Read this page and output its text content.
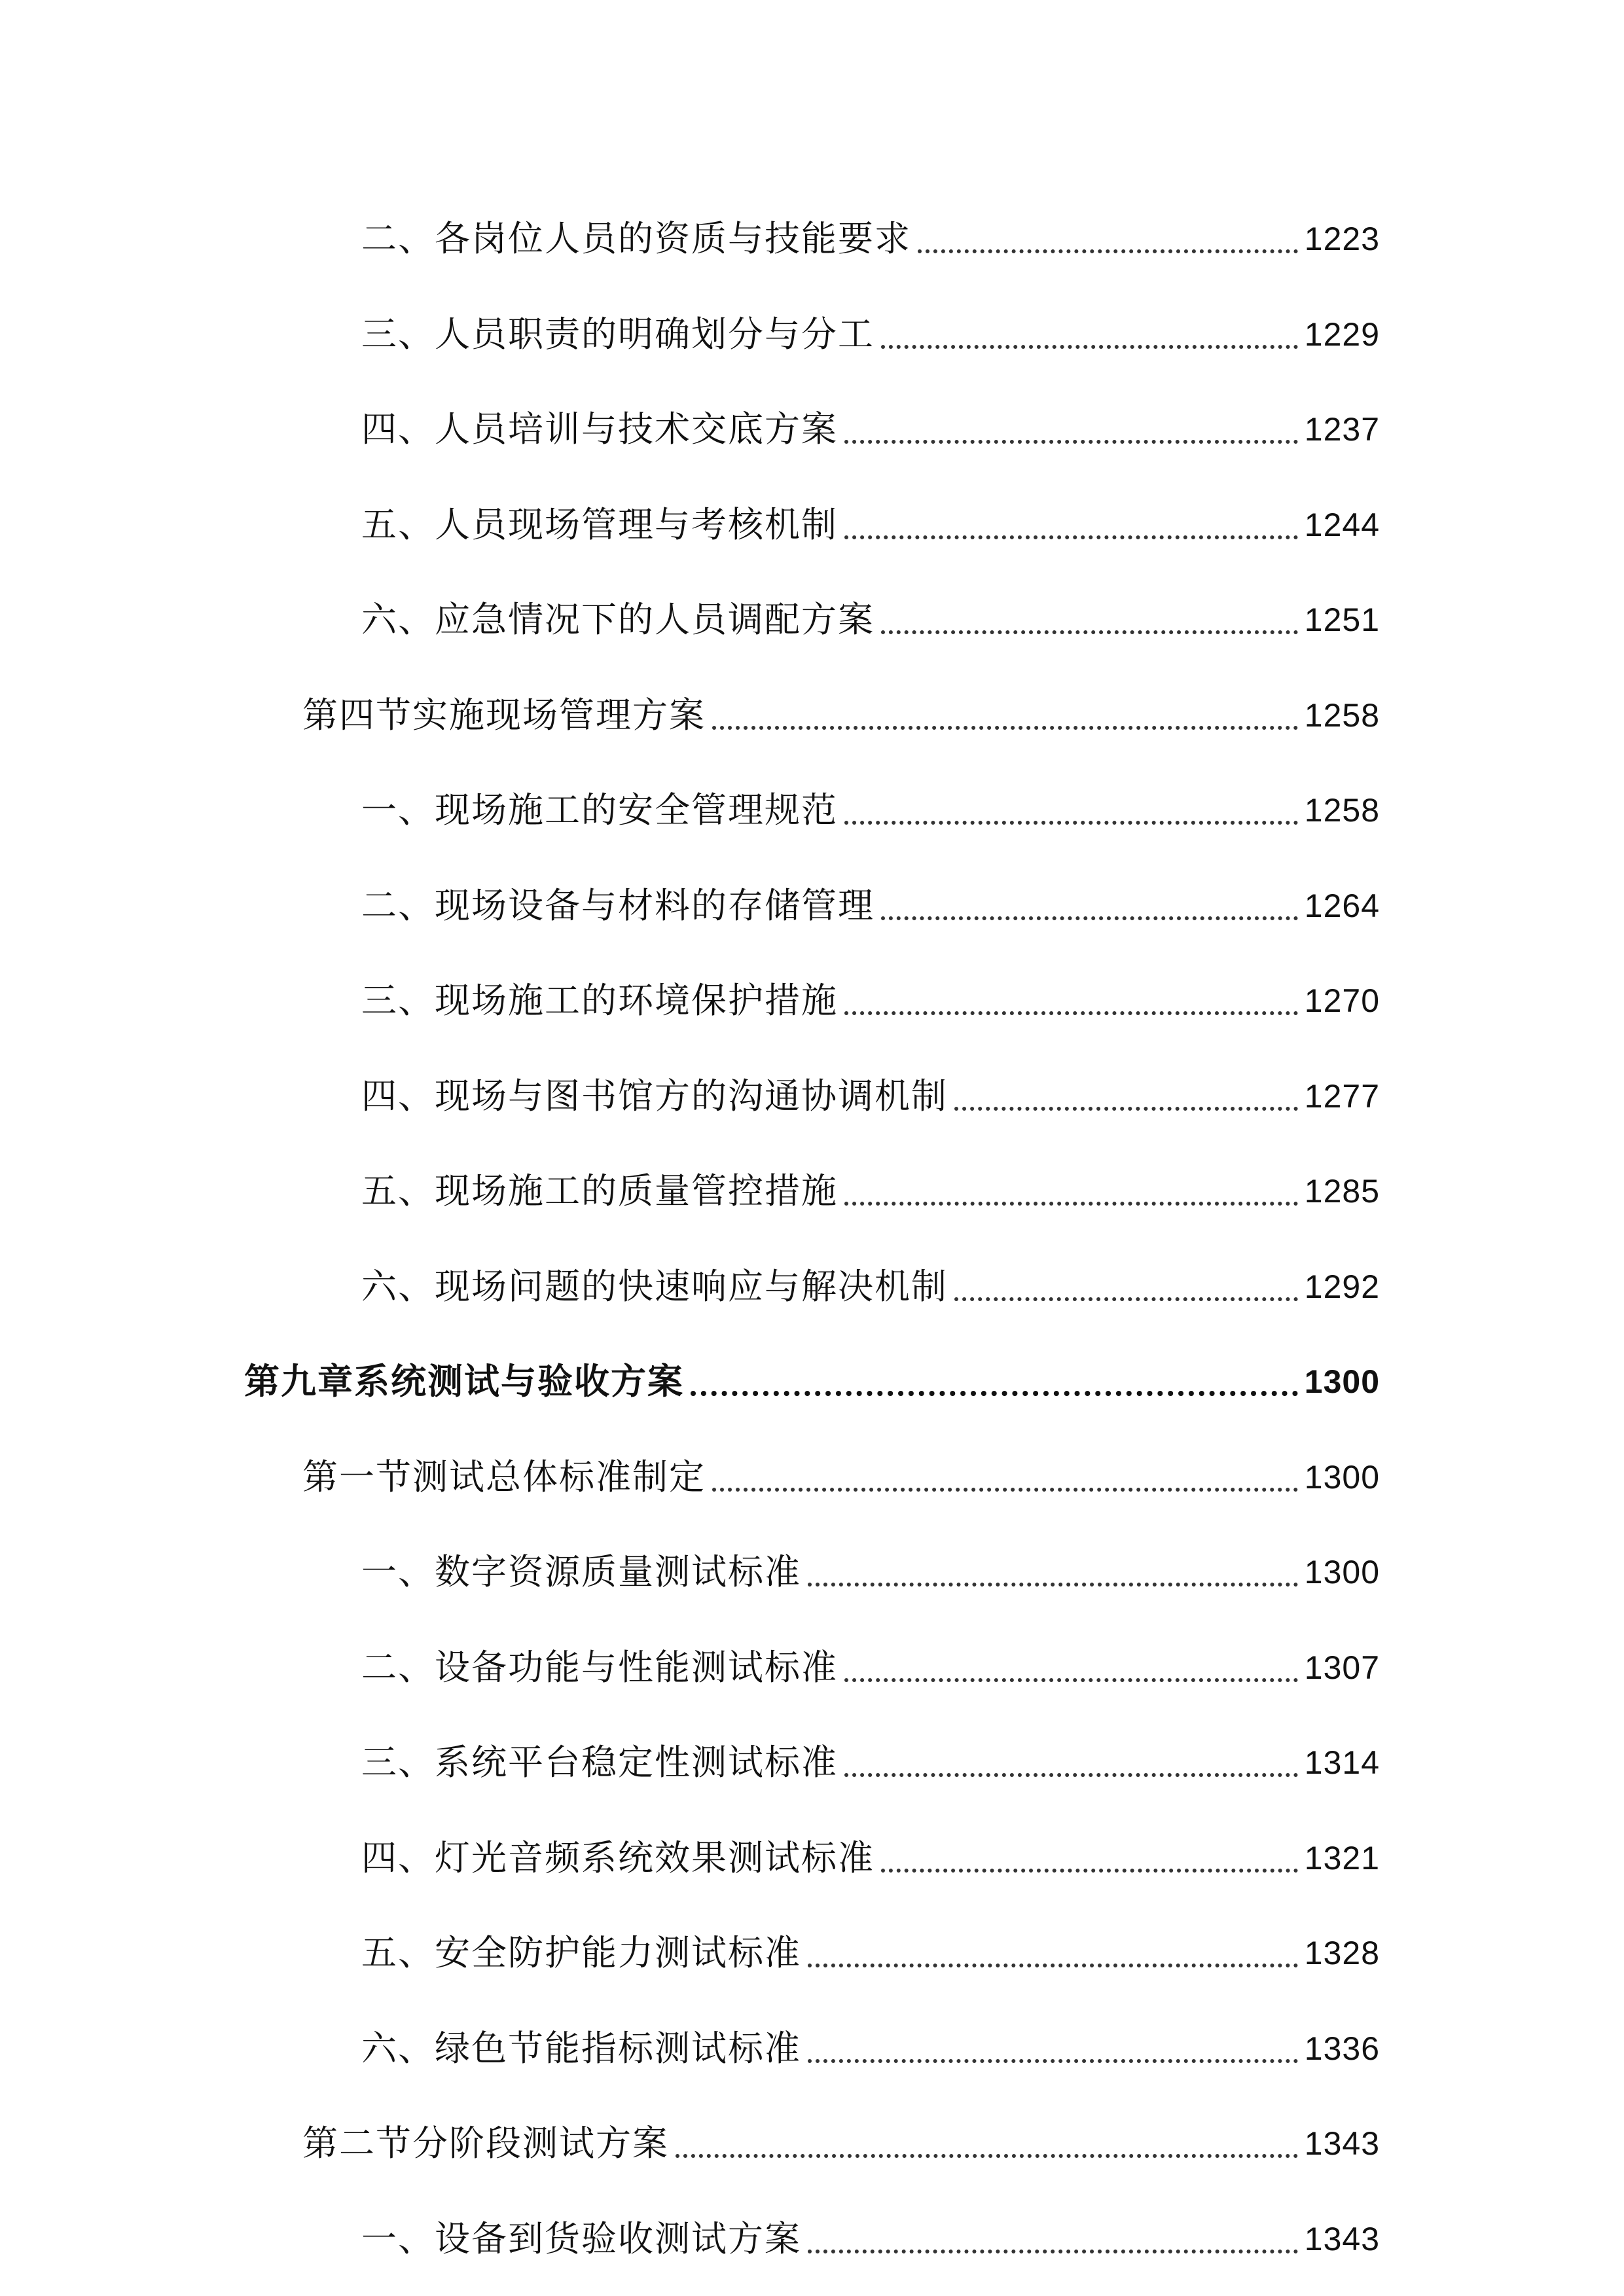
二、各岗位人员的资质与技能要求	1223
三、人员职责的明确划分与分工	1229
四、人员培训与技术交底方案	1237
五、人员现场管理与考核机制	1244
六、应急情况下的人员调配方案	1251
第四节实施现场管理方案	1258
一、现场施工的安全管理规范	1258
二、现场设备与材料的存储管理	1264
三、现场施工的环境保护措施	1270
四、现场与图书馆方的沟通协调机制	1277
五、现场施工的质量管控措施	1285
六、现场问题的快速响应与解决机制	1292
第九章系统测试与验收方案	1300
第一节测试总体标准制定	1300
一、数字资源质量测试标准	1300
二、设备功能与性能测试标准	1307
三、系统平台稳定性测试标准	1314
四、灯光音频系统效果测试标准	1321
五、安全防护能力测试标准	1328
六、绿色节能指标测试标准	1336
第二节分阶段测试方案	1343
一、设备到货验收测试方案	1343
